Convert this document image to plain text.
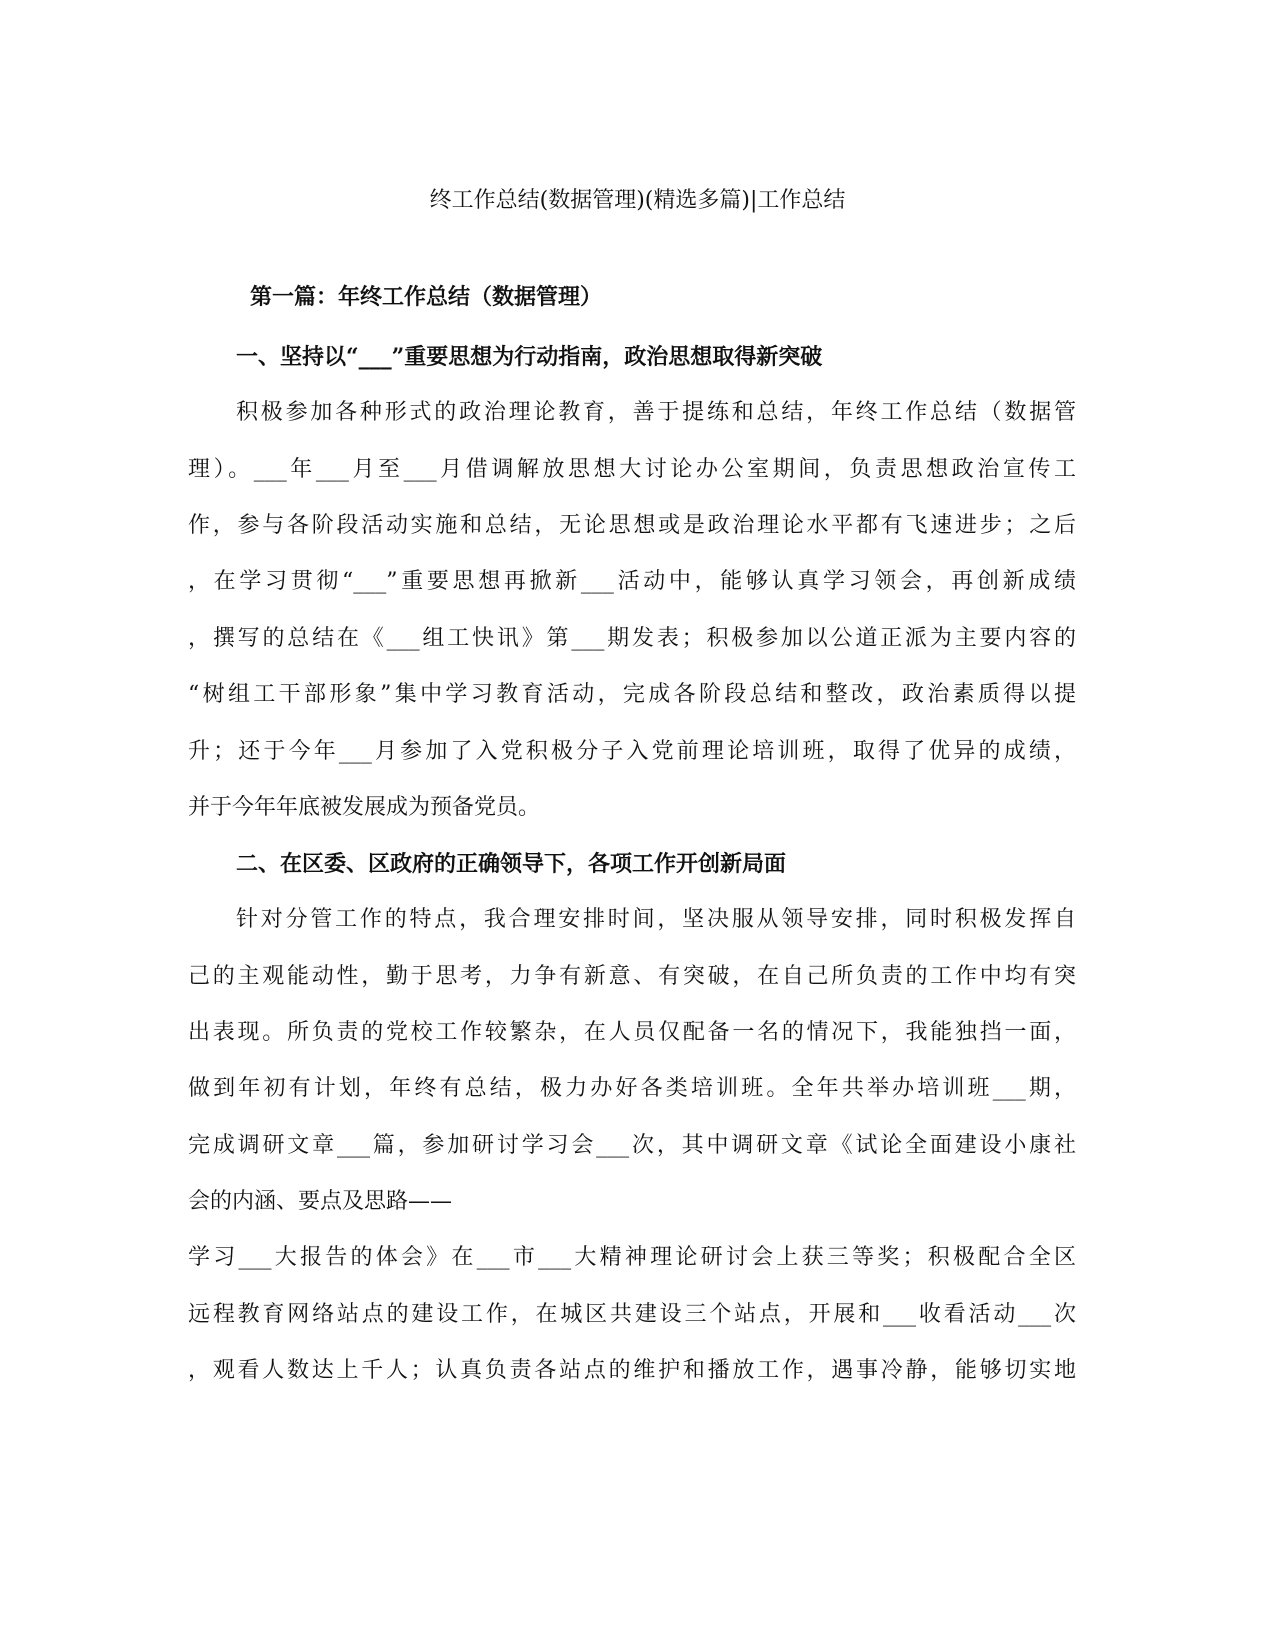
终工作总结(数据管理)(精选多篇)|工作总结
第一篇：年终工作总结（数据管理）
一、坚持以“___”重要思想为行动指南，政治思想取得新突破
积极参加各种形式的政治理论教育，善于提练和总结，年终工作总结（数据管
理）。___年___月至___月借调解放思想大讨论办公室期间，负责思想政治宣传工
作，参与各阶段活动实施和总结，无论思想或是政治理论水平都有飞速进步；之后
，在学习贯彻“___”重要思想再掀新___活动中，能够认真学习领会，再创新成绩
，撰写的总结在《___组工快讯》第___期发表；积极参加以公道正派为主要内容的
“树组工干部形象”集中学习教育活动，完成各阶段总结和整改，政治素质得以提
升；还于今年___月参加了入党积极分子入党前理论培训班，取得了优异的成绩，
并于今年年底被发展成为预备党员。
二、在区委、区政府的正确领导下，各项工作开创新局面
针对分管工作的特点，我合理安排时间，坚决服从领导安排，同时积极发挥自
己的主观能动性，勤于思考，力争有新意、有突破，在自己所负责的工作中均有突
出表现。所负责的党校工作较繁杂，在人员仅配备一名的情况下，我能独挡一面，
做到年初有计划，年终有总结，极力办好各类培训班。全年共举办培训班___期，
完成调研文章___篇，参加研讨学习会___次，其中调研文章《试论全面建设小康社
会的内涵、要点及思路——
学习___大报告的体会》在___市___大精神理论研讨会上获三等奖；积极配合全区
远程教育网络站点的建设工作，在城区共建设三个站点，开展和___收看活动___次
，观看人数达上千人；认真负责各站点的维护和播放工作，遇事冷静，能够切实地
